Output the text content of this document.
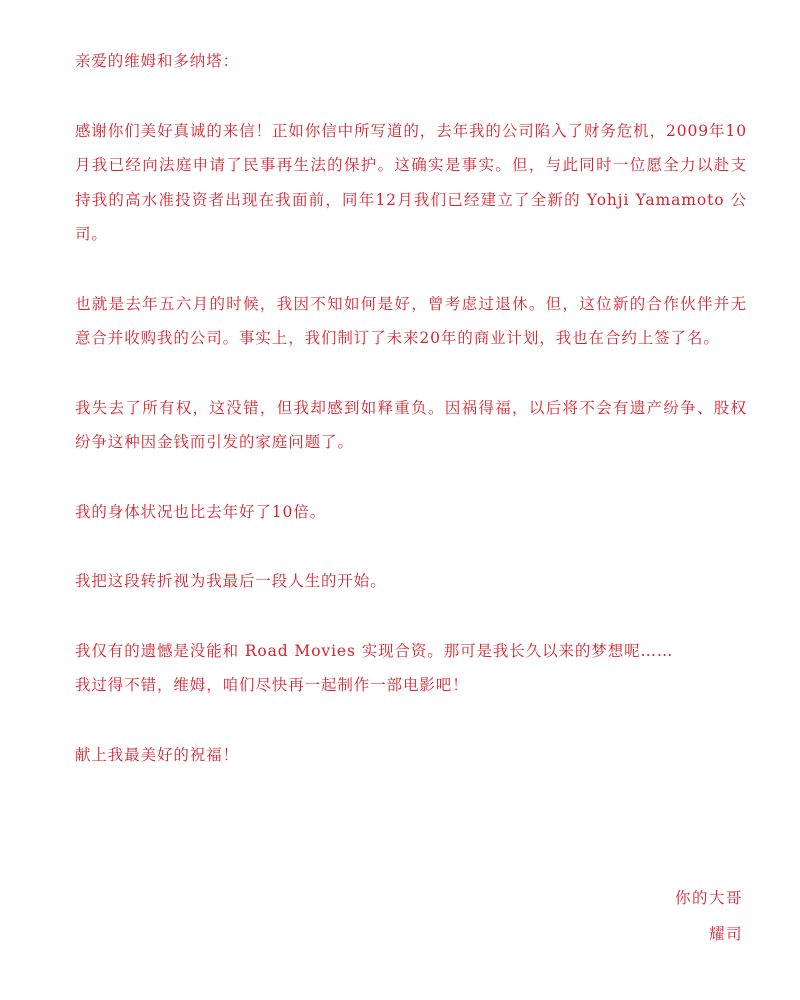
亲爱的维姆和多纳塔：
感谢你们美好真诚的来信！正如你信中所写道的，去年我的公司陷入了财务危机，2009年10月我已经向法庭申请了民事再生法的保护。这确实是事实。但，与此同时一位愿全力以赴支持我的高水准投资者出现在我面前，同年12月我们已经建立了全新的 Yohji Yamamoto 公司。
也就是去年五六月的时候，我因不知如何是好，曾考虑过退休。但，这位新的合作伙伴并无意合并收购我的公司。事实上，我们制订了未来20年的商业计划，我也在合约上签了名。
我失去了所有权，这没错，但我却感到如释重负。因祸得福，以后将不会有遗产纷争、股权纷争这种因金钱而引发的家庭问题了。
我的身体状况也比去年好了10倍。
我把这段转折视为我最后一段人生的开始。
我仅有的遗憾是没能和 Road Movies 实现合资。那可是我长久以来的梦想呢……
我过得不错，维姆，咱们尽快再一起制作一部电影吧！
献上我最美好的祝福！
你的大哥
耀司
